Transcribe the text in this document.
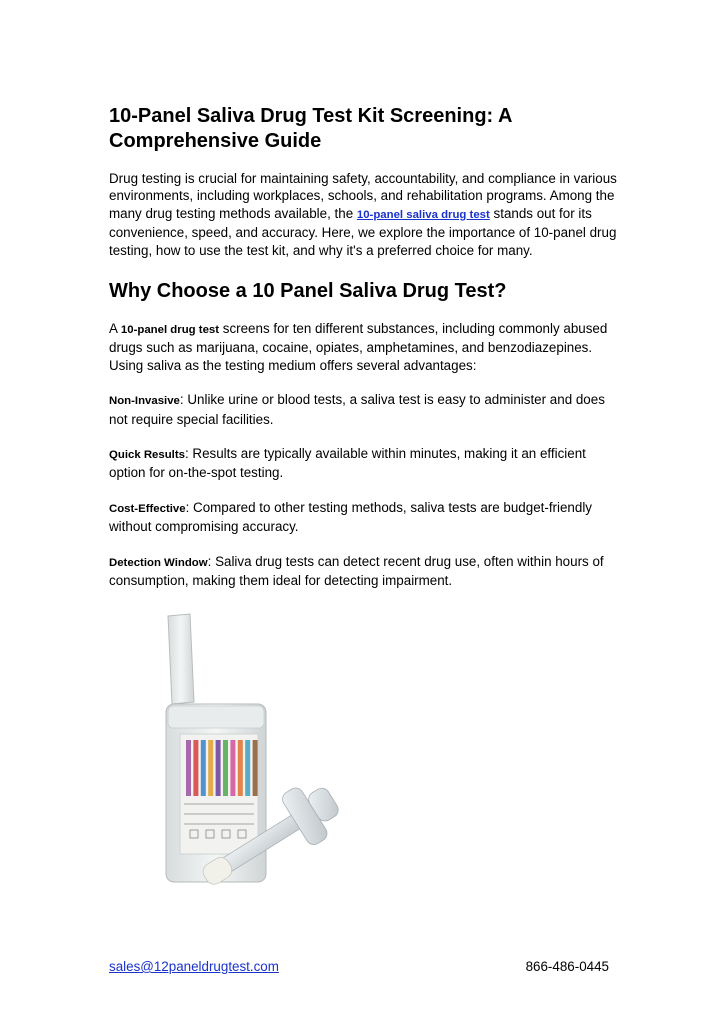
10-Panel Saliva Drug Test Kit Screening: A Comprehensive Guide

Drug testing is crucial for maintaining safety, accountability, and compliance in various environments, including workplaces, schools, and rehabilitation programs. Among the many drug testing methods available, the 10-panel saliva drug test stands out for its convenience, speed, and accuracy. Here, we explore the importance of 10-panel drug testing, how to use the test kit, and why it's a preferred choice for many.

Why Choose a 10 Panel Saliva Drug Test?

A 10-panel drug test screens for ten different substances, including commonly abused drugs such as marijuana, cocaine, opiates, amphetamines, and benzodiazepines. Using saliva as the testing medium offers several advantages:

Non-Invasive: Unlike urine or blood tests, a saliva test is easy to administer and does not require special facilities.

Quick Results: Results are typically available within minutes, making it an efficient option for on-the-spot testing.

Cost-Effective: Compared to other testing methods, saliva tests are budget-friendly without compromising accuracy.

Detection Window: Saliva drug tests can detect recent drug use, often within hours of consumption, making them ideal for detecting impairment.

sales@12paneldrugtest.com	866-486-0445
